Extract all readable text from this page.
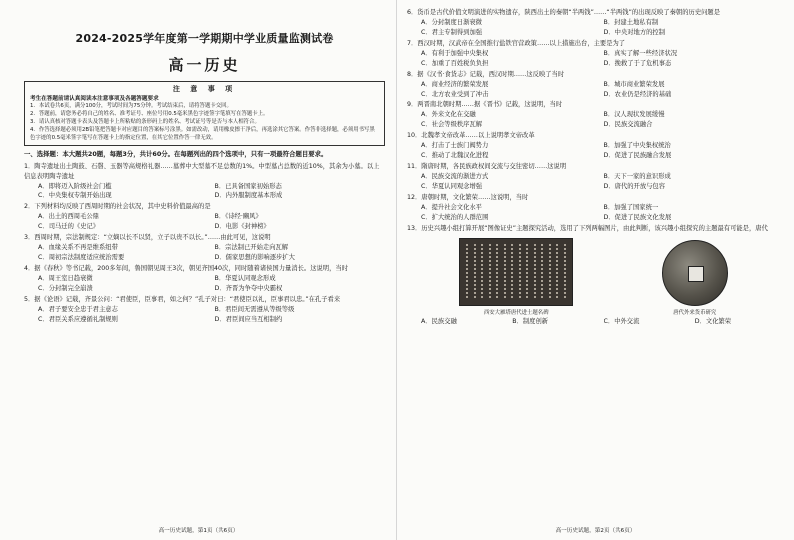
2024-2025学年度第一学期期中学业质量监测试卷
高一历史
注 意 事 项
考生在答题前请认真阅读本注意事项及各题答题要求
1．本试卷共6页，满分100分，考试时间为75分钟。考试结束后，请将答题卡交回。
2．答题前，请您务必将自己的姓名、准考证号、座位号用0.5毫米黑色字迹签字笔填写在答题卡上。
3．请认真核对答题卡表头及答题卡上所粘贴的条形码上的姓名、考试证号等是否与本人相符合。
4．作答选择题必须用2B铅笔把答题卡对应题目的答案标号涂黑。如需改动，请用橡皮擦干净后，再选涂其它答案。作答非选择题，必须用书写黑色字迹的0.5毫米签字笔写在答题卡上的指定位置，在其它位置作答一律无效。
一、选择题：本大题共20题，每题3分，共计60分。在每题列出的四个选项中，只有一项最符合题目要求。
1．陶寺遗址出土陶鼓、石磬、玉器等高规格礼器……墓葬中大型墓不足总数的1%。中型墓占总数的近10%，其余为小墓。以上信息表明陶寺遗址
A．即将迈入阶级社会门槛	B．已具备国家初始形态
C．中央集权专制开始出现	D．内外服制度基本形成
2．下列材料均反映了西周时期的社会状况，其中史料价值最高的是
A．出土的西周毛公鼎	B．《诗经·豳风》
C．司马迁的《史记》	D．电影《封神榜》
3．西周时期，宗法制规定：“立嫡以长不以贤，立子以贵不以长。”……由此可见，这说明
A．血缘关系不再是维系纽带	B．宗法制已开始走向瓦解
C．周初宗法制度适应统治需要	D．儒家思想的影响逐步扩大
4．据《春秋》等书记载，200多年间，鲁国朝见周王3次，朝见齐国40次，同时随着诸侯国力量消长。这说明，当时
A．周王室日趋衰微	B．华夏认同观念形成
C．分封制完全崩溃	D．齐晋为争夺中央霸权
5．据《论语》记载，齐景公问：“君使臣，臣事君，如之何？”孔子对曰：“君使臣以礼，臣事君以忠。”在孔子看来
A．君子要安全忠于君主意志	B．君臣间无需遵从等级等级
C．君臣关系应遵循礼制规则	D．君臣间应当互相制约
高一历史试题，第1页（共6页）
6．货币是古代价值文明演进的实物遗存，陕西出土的秦朝“半两钱”……“半两钱”的出现反映了秦朝的历史问题是
A．分封制度日渐衰微	B．封建土地私有制
C．君主专制得到加强	D．中央对地方的控制
7．西汉时期，汉武帝在全国推行盐铁官营政策……以上措施出台，主要是为了
A．有利于加强中央集权	B．真实了解一些经济状况
C．加重了百姓税负负担	D．挽救了于了危机事态
8．据《汉书·食货志》记载，西汉时期……这反映了当时
A．商业经济的繁荣发展	B．城市商业繁荣发展
C．北方农业受到了冲击	D．农业仍是经济的基础
9．两晋南北朝时期……据《晋书》记载，这说明，当时
A．外来文化在交融	B．汉人现状发展缓慢
C．社会等级秩序瓦解	D．民族交流融合
10．北魏孝文帝改革……以上说明孝文帝改革
A．打击了士族门阀势力	B．加强了中央集权统治
C．推动了北魏汉化进程	D．促进了民族融合发展
11．隋唐时期，各民族政权间交流与交往密切……这说明
A．民族交流的渐进方式	B．天下一家的意识形成
C．华夏认同观念增强	D．唐代的开放与包容
12．唐朝时期，文化繁荣……这说明，当时
A．提升社会文化水平	B．加强了国家统一
C．扩大统治的人群范围	D．促进了民族文化发展
13．历史兴趣小组打算开展“图像证史”主题探究活动，选用了下列两幅图片，由此判断，该兴趣小组探究的主题最有可能是，唐代
西安大雁塔唐代进士题名碑	唐代外来货币研究
A．民族交融	B．制度创新	C．中外交流	D．文化繁荣
高一历史试题，第2页（共6页）
